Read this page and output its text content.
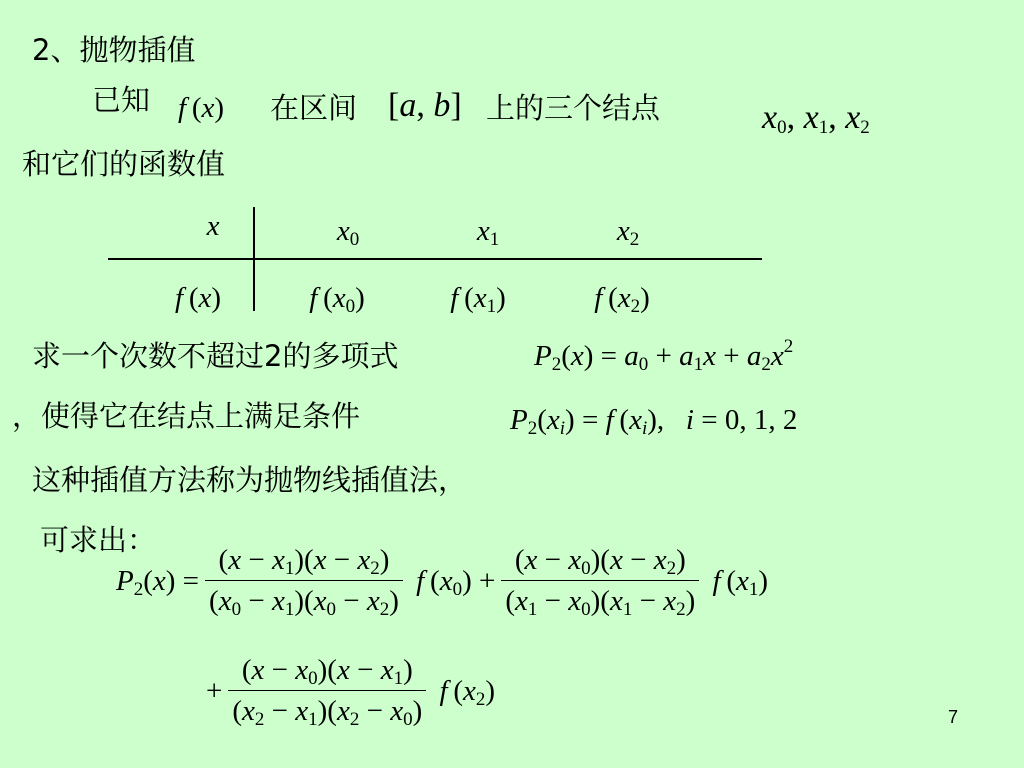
2、抛物插值
已知 f (x) 在区间 [a, b] 上的三个结点	$x_0$, $x_1$, $x_2$
和它们的函数值
x	$x_0$	$x_1$	$x_2$
f (x)	f $(x_0)$	f $(x_1)$	f $(x_2)$
求一个次数不超过2的多项式	$P_2(x) = a_0 + a_1x + a_2x^2$
，使得它在结点上满足条件	$P_2(x_i) = f$ $(x_i)$,   i = 0, 1, 2
这种插值方法称为抛物线插值法，
可求出：
$P_2(x) = \frac{(x - x_1)(x - x_2)}{(x_0 - x_1)(x_0 - x_2)}$ f $(x_0) + \frac{(x - x_0)(x - x_2)}{(x_1 - x_0)(x_1 - x_2)}$ f $(x_1)$
+ $\frac{(x - x_0)(x - x_1)}{(x_2 - x_1)(x_2 - x_0)}$ f $(x_2)$
7
